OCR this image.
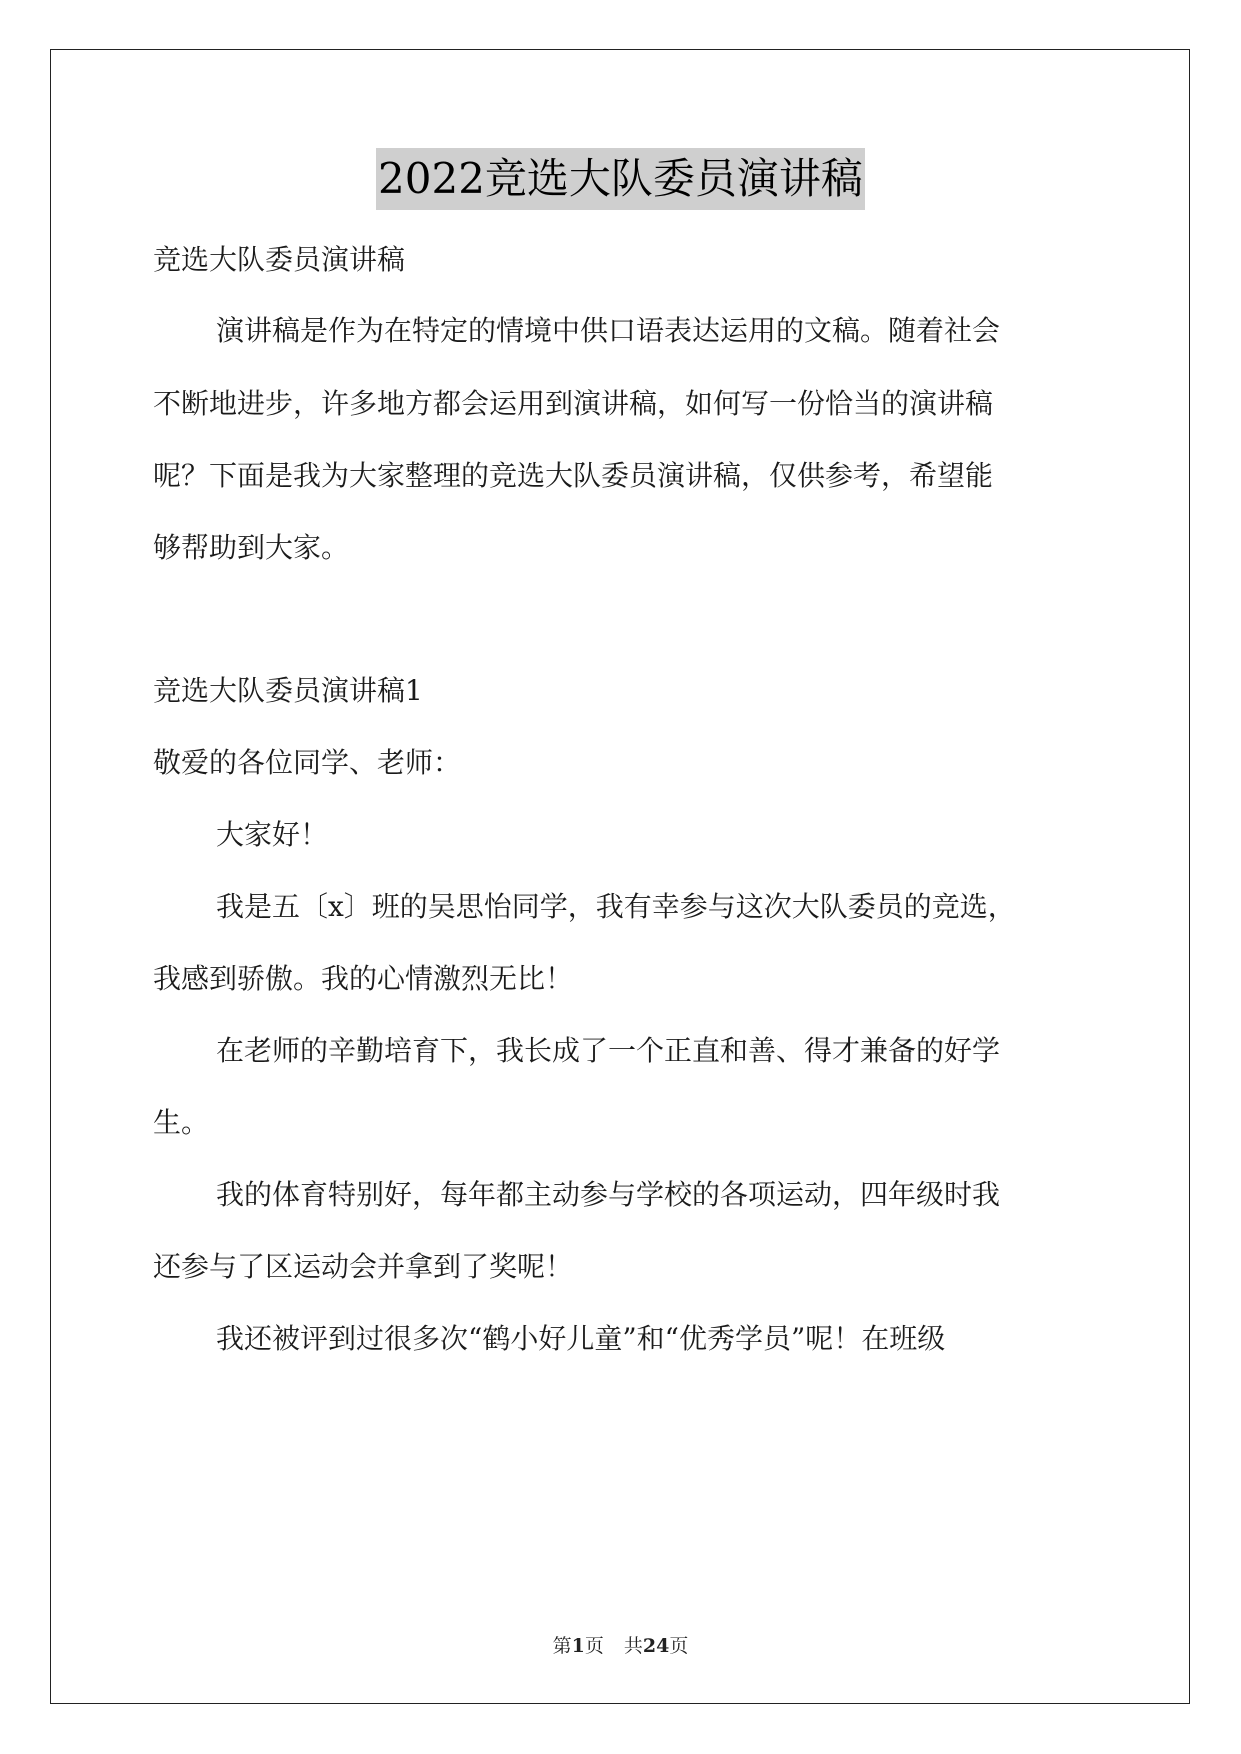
2022竞选大队委员演讲稿
竞选大队委员演讲稿
演讲稿是作为在特定的情境中供口语表达运用的文稿。随着社会
不断地进步，许多地方都会运用到演讲稿，如何写一份恰当的演讲稿
呢？下面是我为大家整理的竞选大队委员演讲稿，仅供参考，希望能
够帮助到大家。
竞选大队委员演讲稿1
敬爱的各位同学、老师：
大家好！
我是五〔x〕班的吴思怡同学，我有幸参与这次大队委员的竞选，
我感到骄傲。我的心情激烈无比！
在老师的辛勤培育下，我长成了一个正直和善、得才兼备的好学
生。
我的体育特别好，每年都主动参与学校的各项运动，四年级时我
还参与了区运动会并拿到了奖呢！
我还被评到过很多次“鹤小好儿童”和“优秀学员”呢！在班级
第1页 共24页
